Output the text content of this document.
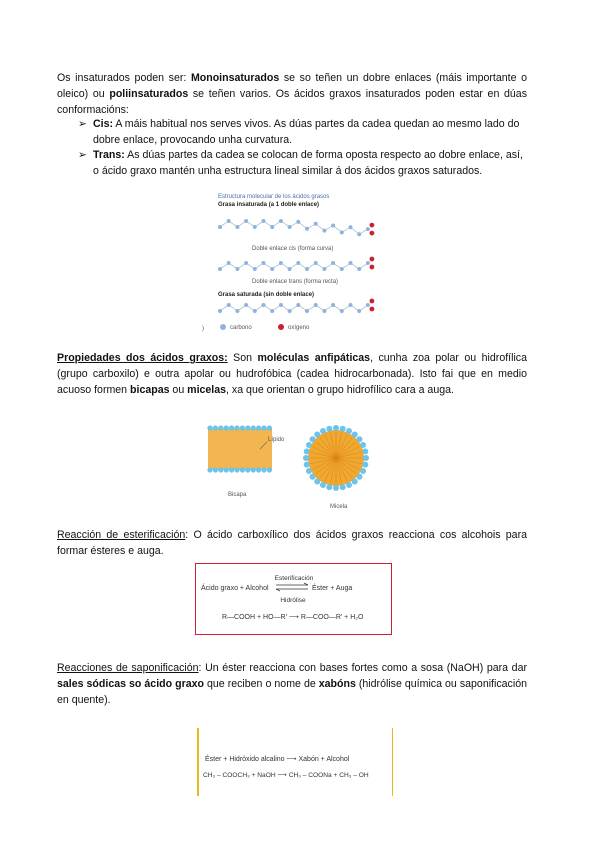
Os insaturados poden ser: Monoinsaturados se so teñen un dobre enlaces (máis importante o oleico) ou poliinsaturados se teñen varios. Os ácidos graxos insaturados poden estar en dúas conformacións:

➢ Cis: A máis habitual nos serves vivos. As dúas partes da cadea quedan ao mesmo lado do dobre enlace, provocando unha curvatura.

➢ Trans: As dúas partes da cadea se colocan de forma oposta respecto ao dobre enlace, así, o ácido graxo mantén unha estructura lineal similar á dos ácidos graxos saturados.

Estructura molecular de los ácidos grasos
Grasa insaturada (a 1 doble enlace)
Doble enlace cis (forma curva)
Doble enlace trans (forma recta)
Grasa saturada (sin doble enlace)
)	carbono	oxígeno

Propiedades dos ácidos graxos: Son moléculas anfipáticas, cunha zoa polar ou hidrofílica (grupo carboxilo) e outra apolar ou hudrofóbica (cadea hidrocarbonada). Isto fai que en medio acuoso formen bicapas ou micelas, xa que orientan o grupo hidrofílico cara a auga.

Lípido
Bicapa
Micela

Reacción de esterificación: O ácido carboxílico dos ácidos graxos reacciona cos alcohois para formar ésteres e auga.

Esterificación
Ácido graxo + Alcohol	Éster + Auga
Hidrólise
R—COOH + HO—R' ⟶ R—COO—R' + H₂O

Reacciones de saponificación: Un éster reacciona con bases fortes como a sosa (NaOH) para dar sales sódicas so ácido graxo que reciben o nome de xabóns (hidrólise química ou saponificación en quente).

Éster + Hidróxido alcalino ⟶ Xabón + Alcohol
CH₃ – COOCH₃ + NaOH ⟶ CH₃ – COONa + CH₃ – OH
